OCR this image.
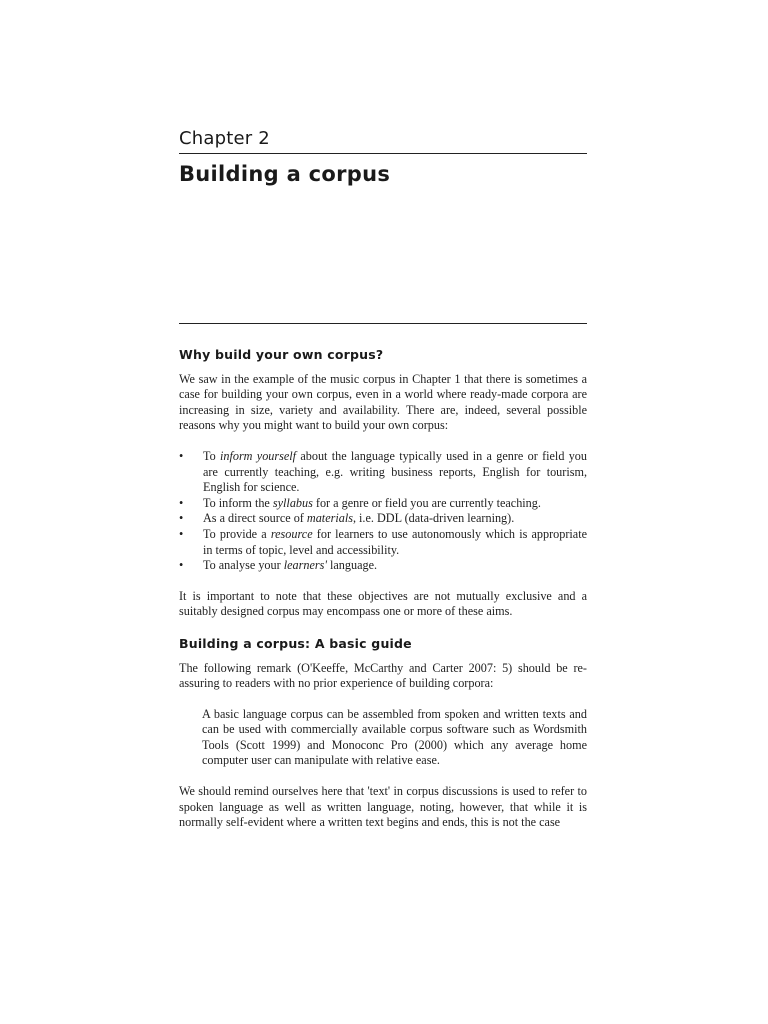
Chapter 2
Building a corpus
Why build your own corpus?

We saw in the example of the music corpus in Chapter 1 that there is sometimes a case for building your own corpus, even in a world where ready-made corpora are increasing in size, variety and availability. There are, indeed, several possible reasons why you might want to build your own corpus:

• To inform yourself about the language typically used in a genre or field you are currently teaching, e.g. writing business reports, English for tourism, English for science.
• To inform the syllabus for a genre or field you are currently teaching.
• As a direct source of materials, i.e. DDL (data-driven learning).
• To provide a resource for learners to use autonomously which is appropriate in terms of topic, level and accessibility.
• To analyse your learners' language.

It is important to note that these objectives are not mutually exclusive and a suitably designed corpus may encompass one or more of these aims.

Building a corpus: A basic guide

The following remark (O'Keeffe, McCarthy and Carter 2007: 5) should be re-assuring to readers with no prior experience of building corpora:

A basic language corpus can be assembled from spoken and written texts and can be used with commercially available corpus software such as Wordsmith Tools (Scott 1999) and Monoconc Pro (2000) which any average home computer user can manipulate with relative ease.

We should remind ourselves here that 'text' in corpus discussions is used to refer to spoken language as well as written language, noting, however, that while it is normally self-evident where a written text begins and ends, this is not the case
